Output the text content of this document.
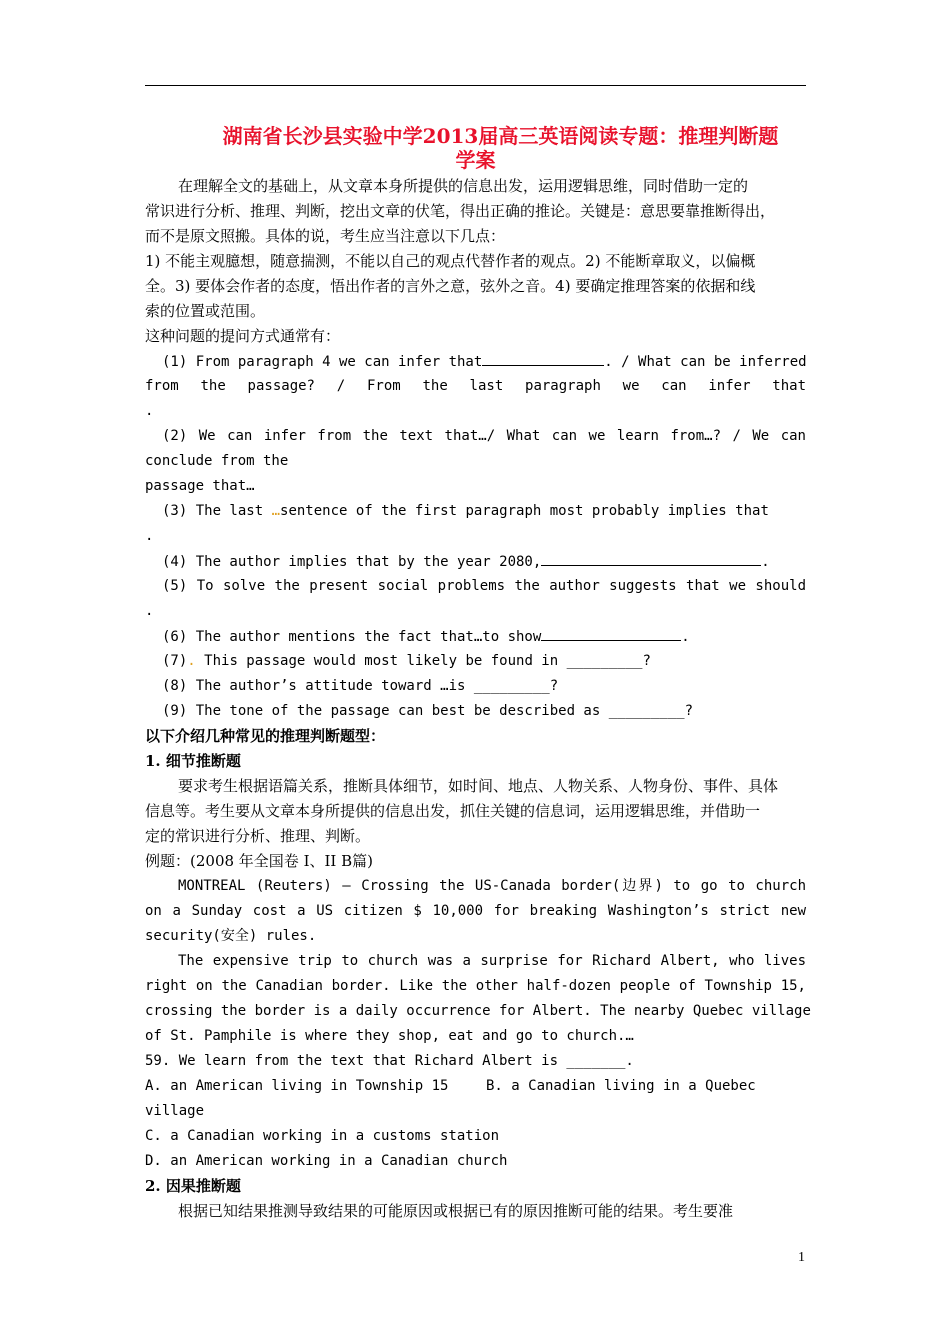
湖南省长沙县实验中学2013届高三英语阅读专题：推理判断题
学案
在理解全文的基础上，从文章本身所提供的信息出发，运用逻辑思维，同时借助一定的
常识进行分析、推理、判断，挖出文章的伏笔，得出正确的推论。关键是：意思要靠推断得出，
而不是原文照搬。具体的说，考生应当注意以下几点：
1) 不能主观臆想，随意揣测，不能以自己的观点代替作者的观点。2) 不能断章取义，以偏概
全。3) 要体会作者的态度，悟出作者的言外之意，弦外之音。4) 要确定推理答案的依据和线
索的位置或范围。
这种问题的提问方式通常有：
(1) From paragraph 4 we can infer that	. / What can be inferred
from the passage? / From the last paragraph we can infer that
.
(2) We can infer from the text that…/ What can we learn from…? / We can
conclude from the
passage that…
(3) The last …sentence of the first paragraph most probably implies that
.
(4) The author implies that by the year 2080,	.
(5) To solve the present social problems the author suggests that we should
.
(6) The author mentions the fact that…to show	.
(7). This passage would most likely be found in _________?
(8) The author’s attitude toward …is _________?
(9) The tone of the passage can best be described as _________?
以下介绍几种常见的推理判断题型：
1. 细节推断题
要求考生根据语篇关系，推断具体细节，如时间、地点、人物关系、人物身份、事件、具体
信息等。考生要从文章本身所提供的信息出发，抓住关键的信息词，运用逻辑思维，并借助一
定的常识进行分析、推理、判断。
例题：(2008 年全国卷 I、II B篇)
MONTREAL (Reuters) – Crossing the US-Canada border(边界) to go to church
on a Sunday cost a US citizen $ 10,000 for breaking Washington’s strict new
security(安全) rules.
The expensive trip to church was a surprise for Richard Albert, who lives
right on the Canadian border. Like the other half-dozen people of Township 15,
crossing the border is a daily occurrence for Albert. The nearby Quebec village
of St. Pamphile is where they shop, eat and go to church.…
59. We learn from the text that Richard Albert is _______.
A. an American living in Township 15	B. a Canadian living in a Quebec
village
C. a Canadian working in a customs station
D. an American working in a Canadian church
2. 因果推断题
根据已知结果推测导致结果的可能原因或根据已有的原因推断可能的结果。考生要准
1
